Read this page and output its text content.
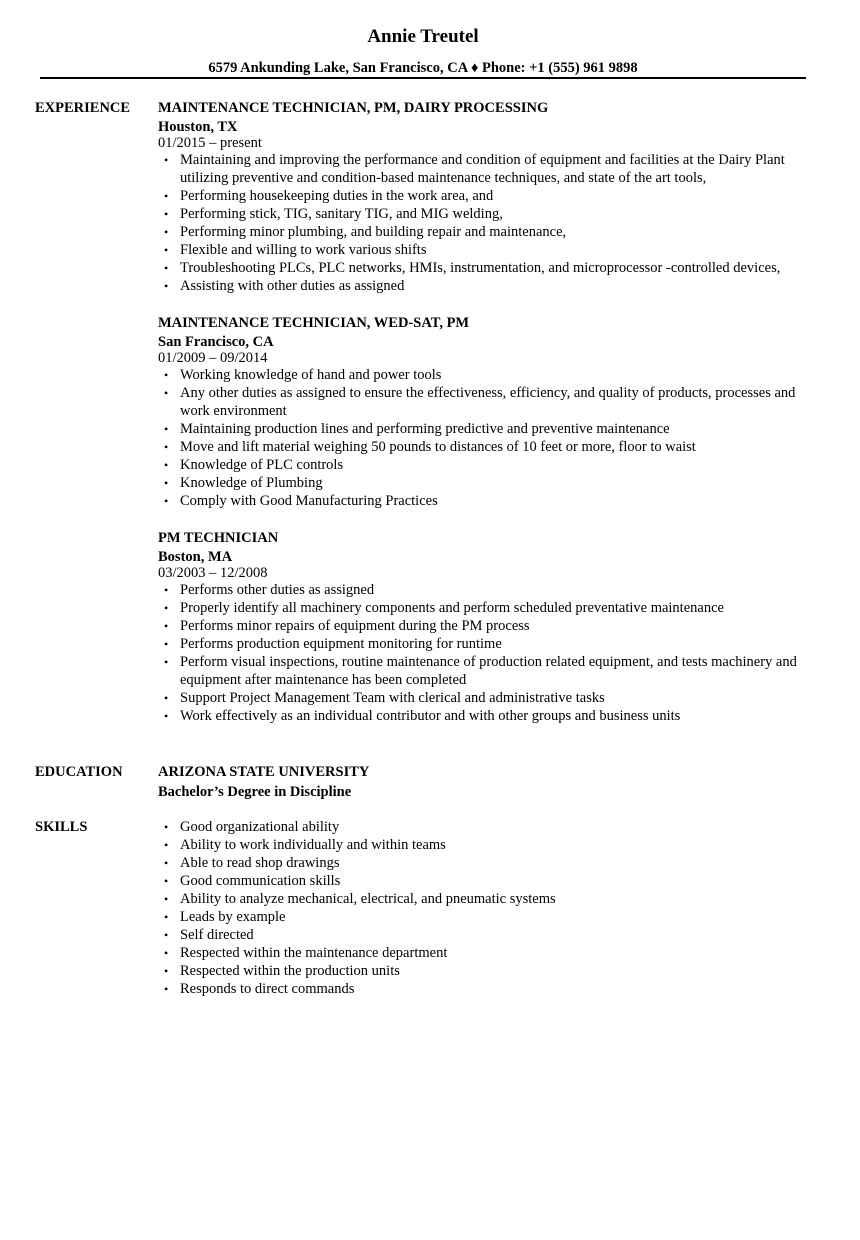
Annie Treutel
6579 Ankunding Lake, San Francisco, CA ♦ Phone: +1 (555) 961 9898
EXPERIENCE MAINTENANCE TECHNICIAN, PM, DAIRY PROCESSING
Houston, TX
01/2015 – present
• Maintaining and improving the performance and condition of equipment and facilities at the Dairy Plant utilizing preventive and condition-based maintenance techniques, and state of the art tools,
• Performing housekeeping duties in the work area, and
• Performing stick, TIG, sanitary TIG, and MIG welding,
• Performing minor plumbing, and building repair and maintenance,
• Flexible and willing to work various shifts
• Troubleshooting PLCs, PLC networks, HMIs, instrumentation, and microprocessor -controlled devices,
• Assisting with other duties as assigned
MAINTENANCE TECHNICIAN, WED-SAT, PM
San Francisco, CA
01/2009 – 09/2014
• Working knowledge of hand and power tools
• Any other duties as assigned to ensure the effectiveness, efficiency, and quality of products, processes and work environment
• Maintaining production lines and performing predictive and preventive maintenance
• Move and lift material weighing 50 pounds to distances of 10 feet or more, floor to waist
• Knowledge of PLC controls
• Knowledge of Plumbing
• Comply with Good Manufacturing Practices
PM TECHNICIAN
Boston, MA
03/2003 – 12/2008
• Performs other duties as assigned
• Properly identify all machinery components and perform scheduled preventative maintenance
• Performs minor repairs of equipment during the PM process
• Performs production equipment monitoring for runtime
• Perform visual inspections, routine maintenance of production related equipment, and tests machinery and equipment after maintenance has been completed
• Support Project Management Team with clerical and administrative tasks
• Work effectively as an individual contributor and with other groups and business units
EDUCATION ARIZONA STATE UNIVERSITY
Bachelor’s Degree in Discipline
SKILLS	• Good organizational ability
• Ability to work individually and within teams
• Able to read shop drawings
• Good communication skills
• Ability to analyze mechanical, electrical, and pneumatic systems
• Leads by example
• Self directed
• Respected within the maintenance department
• Respected within the production units
• Responds to direct commands
